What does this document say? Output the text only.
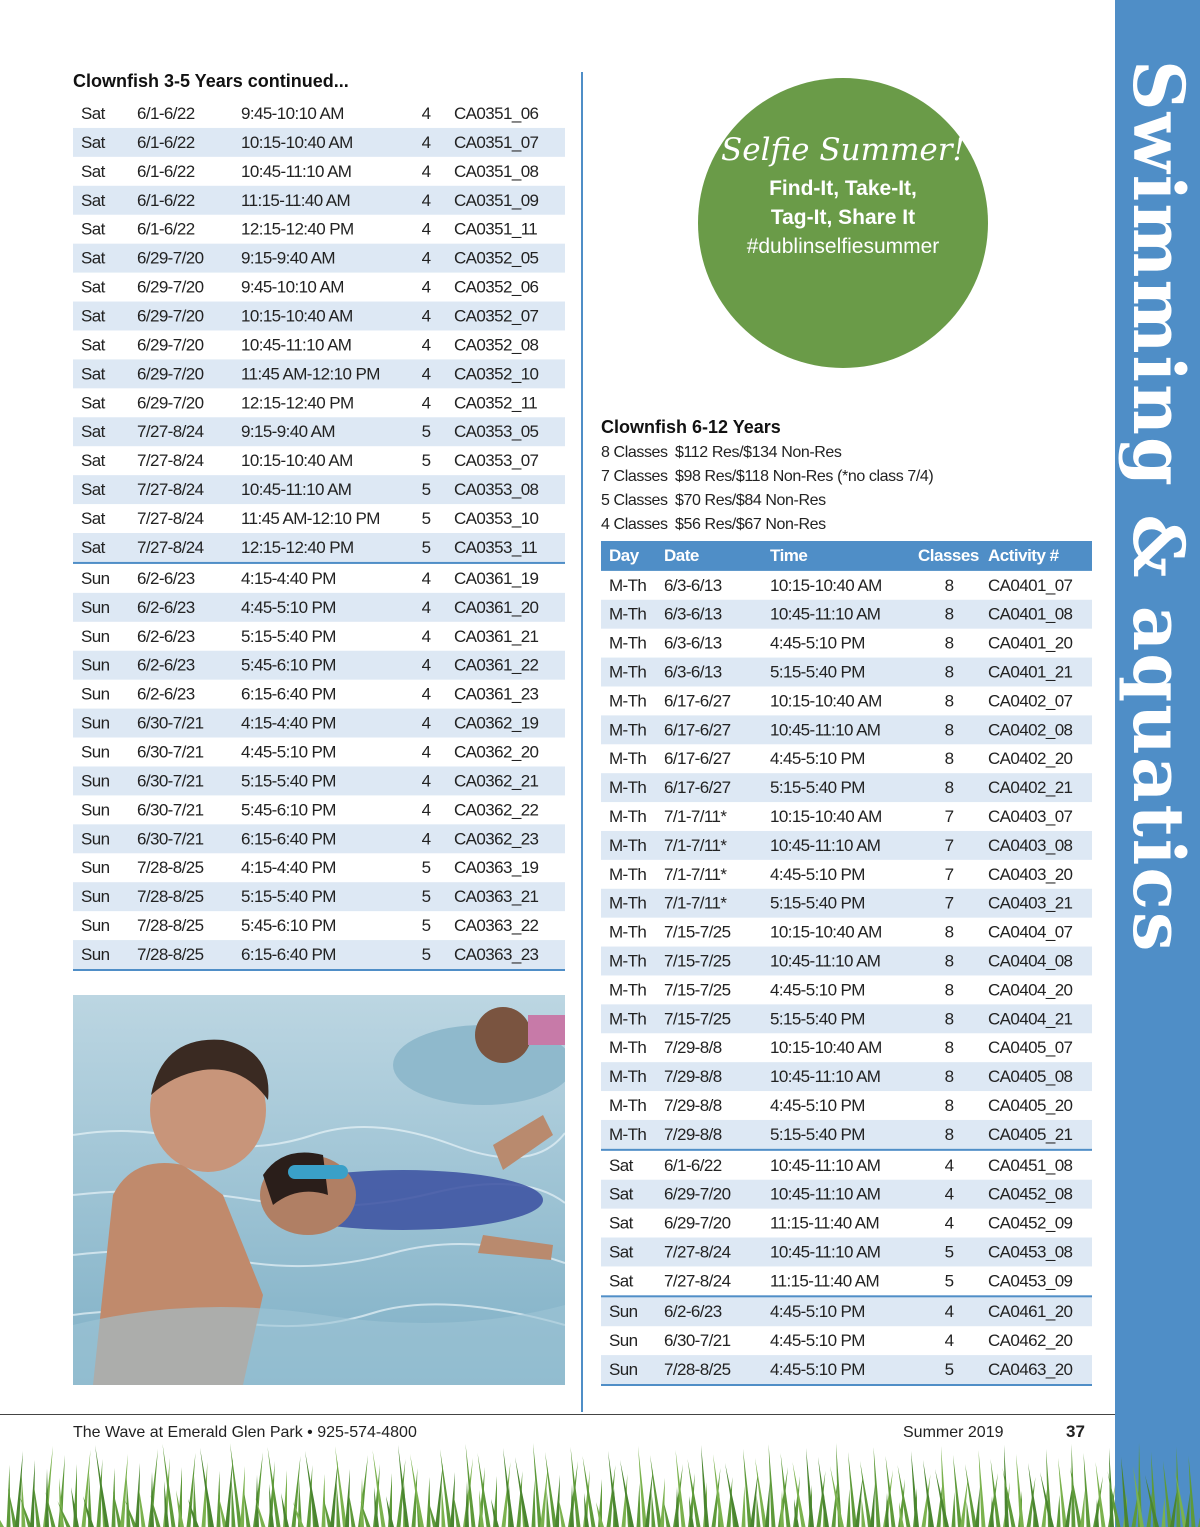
Swimming & aquatics
Clownfish 3-5 Years continued...
Sat	6/1-6/22	9:45-10:10 AM	4	CA0351_06
Sat	6/1-6/22	10:15-10:40 AM	4	CA0351_07
Sat	6/1-6/22	10:45-11:10 AM	4	CA0351_08
Sat	6/1-6/22	11:15-11:40 AM	4	CA0351_09
Sat	6/1-6/22	12:15-12:40 PM	4	CA0351_11
Sat	6/29-7/20	9:15-9:40 AM	4	CA0352_05
Sat	6/29-7/20	9:45-10:10 AM	4	CA0352_06
Sat	6/29-7/20	10:15-10:40 AM	4	CA0352_07
Sat	6/29-7/20	10:45-11:10 AM	4	CA0352_08
Sat	6/29-7/20	11:45 AM-12:10 PM	4	CA0352_10
Sat	6/29-7/20	12:15-12:40 PM	4	CA0352_11
Sat	7/27-8/24	9:15-9:40 AM	5	CA0353_05
Sat	7/27-8/24	10:15-10:40 AM	5	CA0353_07
Sat	7/27-8/24	10:45-11:10 AM	5	CA0353_08
Sat	7/27-8/24	11:45 AM-12:10 PM	5	CA0353_10
Sat	7/27-8/24	12:15-12:40 PM	5	CA0353_11
Sun	6/2-6/23	4:15-4:40 PM	4	CA0361_19
Sun	6/2-6/23	4:45-5:10 PM	4	CA0361_20
Sun	6/2-6/23	5:15-5:40 PM	4	CA0361_21
Sun	6/2-6/23	5:45-6:10 PM	4	CA0361_22
Sun	6/2-6/23	6:15-6:40 PM	4	CA0361_23
Sun	6/30-7/21	4:15-4:40 PM	4	CA0362_19
Sun	6/30-7/21	4:45-5:10 PM	4	CA0362_20
Sun	6/30-7/21	5:15-5:40 PM	4	CA0362_21
Sun	6/30-7/21	5:45-6:10 PM	4	CA0362_22
Sun	6/30-7/21	6:15-6:40 PM	4	CA0362_23
Sun	7/28-8/25	4:15-4:40 PM	5	CA0363_19
Sun	7/28-8/25	5:15-5:40 PM	5	CA0363_21
Sun	7/28-8/25	5:45-6:10 PM	5	CA0363_22
Sun	7/28-8/25	6:15-6:40 PM	5	CA0363_23
Selfie Summer!
Find-It, Take-It,
Tag-It, Share It
#dublinselfiesummer
Clownfish 6-12 Years
8 Classes $112 Res/$134 Non-Res
7 Classes $98 Res/$118 Non-Res (*no class 7/4)
5 Classes $70 Res/$84 Non-Res
4 Classes $56 Res/$67 Non-Res
Day	Date	Time	Classes	Activity #
M-Th	6/3-6/13	10:15-10:40 AM	8	CA0401_07
M-Th	6/3-6/13	10:45-11:10 AM	8	CA0401_08
M-Th	6/3-6/13	4:45-5:10 PM	8	CA0401_20
M-Th	6/3-6/13	5:15-5:40 PM	8	CA0401_21
M-Th	6/17-6/27	10:15-10:40 AM	8	CA0402_07
M-Th	6/17-6/27	10:45-11:10 AM	8	CA0402_08
M-Th	6/17-6/27	4:45-5:10 PM	8	CA0402_20
M-Th	6/17-6/27	5:15-5:40 PM	8	CA0402_21
M-Th	7/1-7/11*	10:15-10:40 AM	7	CA0403_07
M-Th	7/1-7/11*	10:45-11:10 AM	7	CA0403_08
M-Th	7/1-7/11*	4:45-5:10 PM	7	CA0403_20
M-Th	7/1-7/11*	5:15-5:40 PM	7	CA0403_21
M-Th	7/15-7/25	10:15-10:40 AM	8	CA0404_07
M-Th	7/15-7/25	10:45-11:10 AM	8	CA0404_08
M-Th	7/15-7/25	4:45-5:10 PM	8	CA0404_20
M-Th	7/15-7/25	5:15-5:40 PM	8	CA0404_21
M-Th	7/29-8/8	10:15-10:40 AM	8	CA0405_07
M-Th	7/29-8/8	10:45-11:10 AM	8	CA0405_08
M-Th	7/29-8/8	4:45-5:10 PM	8	CA0405_20
M-Th	7/29-8/8	5:15-5:40 PM	8	CA0405_21
Sat	6/1-6/22	10:45-11:10 AM	4	CA0451_08
Sat	6/29-7/20	10:45-11:10 AM	4	CA0452_08
Sat	6/29-7/20	11:15-11:40 AM	4	CA0452_09
Sat	7/27-8/24	10:45-11:10 AM	5	CA0453_08
Sat	7/27-8/24	11:15-11:40 AM	5	CA0453_09
Sun	6/2-6/23	4:45-5:10 PM	4	CA0461_20
Sun	6/30-7/21	4:45-5:10 PM	4	CA0462_20
Sun	7/28-8/25	4:45-5:10 PM	5	CA0463_20
The Wave at Emerald Glen Park • 925-574-4800	Summer 2019	37
